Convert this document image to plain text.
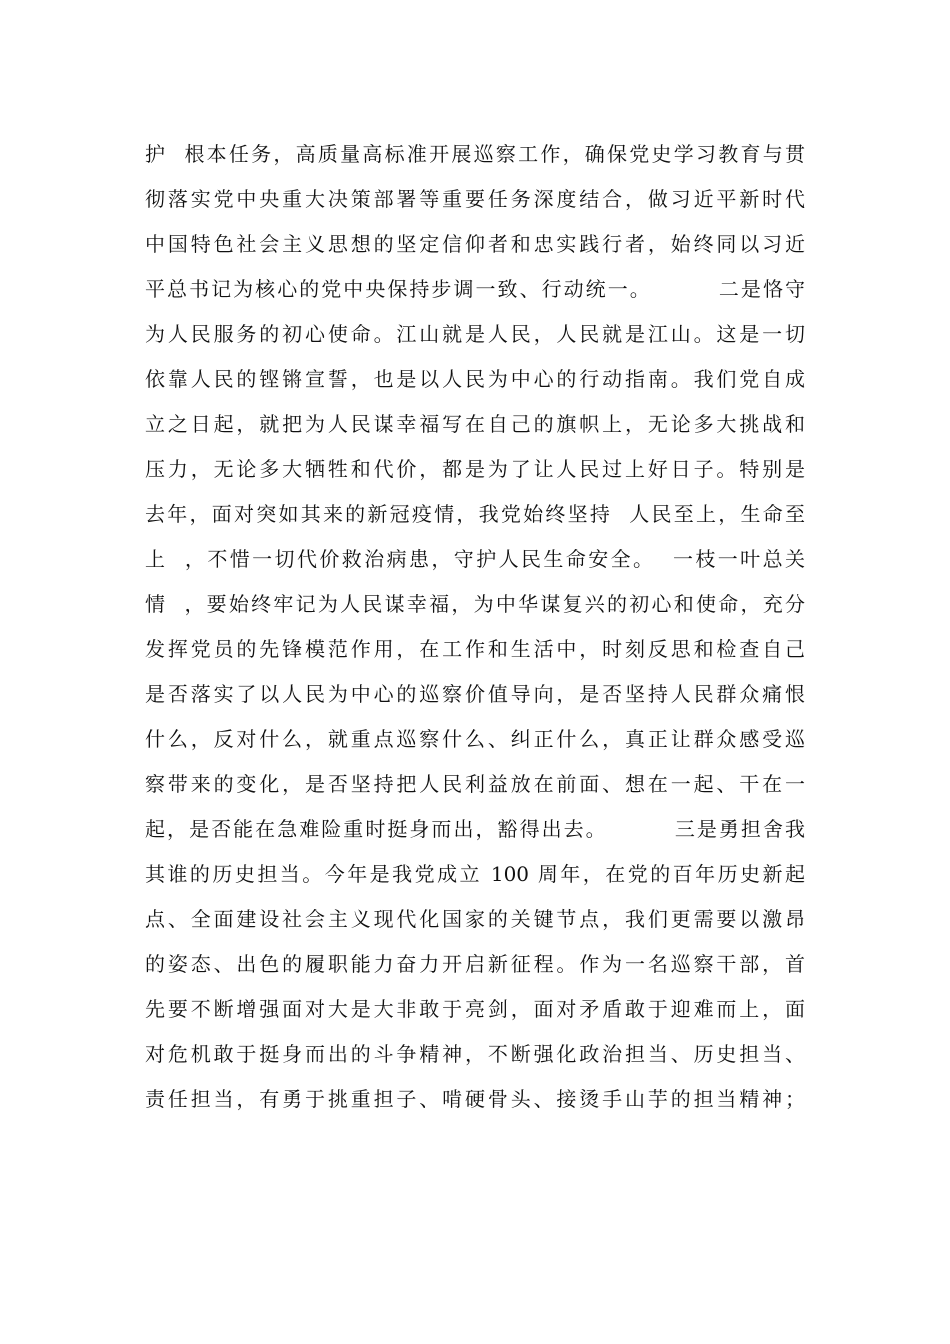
护  根本任务，高质量高标准开展巡察工作，确保党史学习教育与贯
彻落实党中央重大决策部署等重要任务深度结合，做习近平新时代
中国特色社会主义思想的坚定信仰者和忠实践行者，始终同以习近
平总书记为核心的党中央保持步调一致、行动统一。        二是恪守
为人民服务的初心使命。江山就是人民，人民就是江山。这是一切
依靠人民的铿锵宣誓，也是以人民为中心的行动指南。我们党自成
立之日起，就把为人民谋幸福写在自己的旗帜上，无论多大挑战和
压力，无论多大牺牲和代价，都是为了让人民过上好日子。特别是
去年，面对突如其来的新冠疫情，我党始终坚持  人民至上，生命至
上  ，不惜一切代价救治病患，守护人民生命安全。  一枝一叶总关
情  ，要始终牢记为人民谋幸福，为中华谋复兴的初心和使命，充分
发挥党员的先锋模范作用，在工作和生活中，时刻反思和检查自己
是否落实了以人民为中心的巡察价值导向，是否坚持人民群众痛恨
什么，反对什么，就重点巡察什么、纠正什么，真正让群众感受巡
察带来的变化，是否坚持把人民利益放在前面、想在一起、干在一
起，是否能在急难险重时挺身而出，豁得出去。        三是勇担舍我
其谁的历史担当。今年是我党成立 100 周年，在党的百年历史新起
点、全面建设社会主义现代化国家的关键节点，我们更需要以激昂
的姿态、出色的履职能力奋力开启新征程。作为一名巡察干部，首
先要不断增强面对大是大非敢于亮剑，面对矛盾敢于迎难而上，面
对危机敢于挺身而出的斗争精神，不断强化政治担当、历史担当、
责任担当，有勇于挑重担子、啃硬骨头、接烫手山芋的担当精神；
